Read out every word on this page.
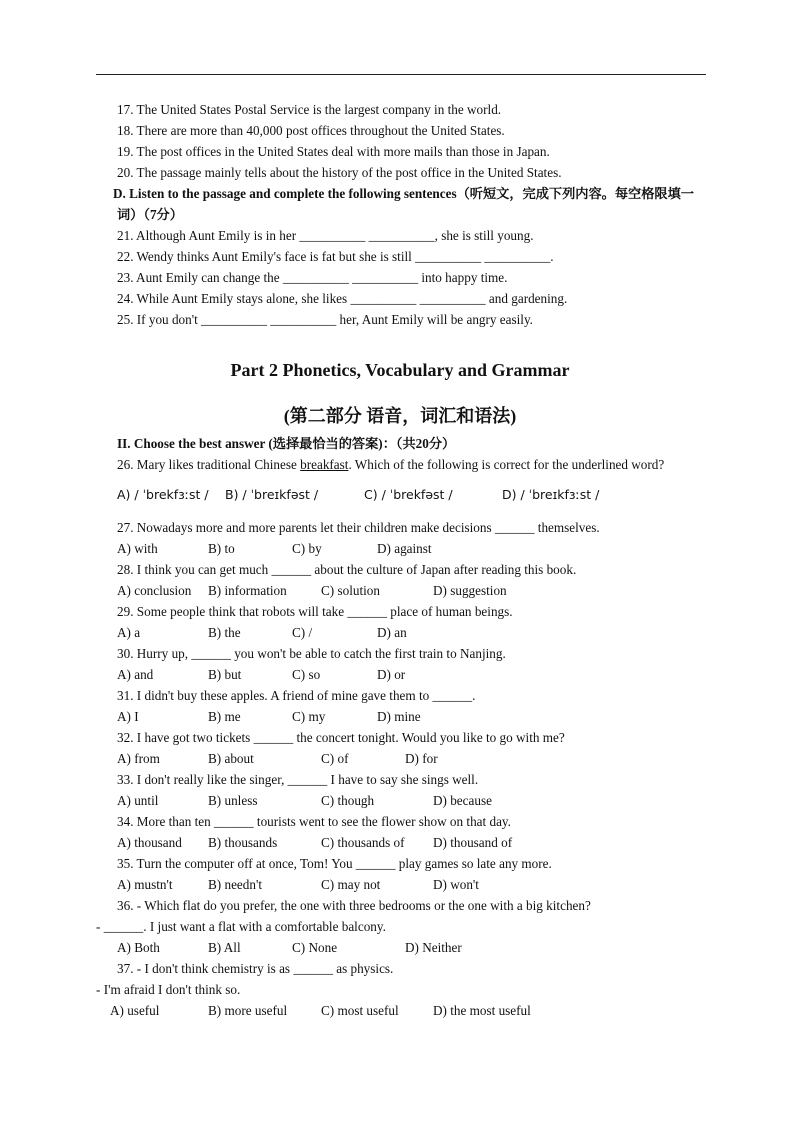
17. The United States Postal Service is the largest company in the world.
18. There are more than 40,000 post offices throughout the United States.
19. The post offices in the United States deal with more mails than those in Japan.
20. The passage mainly tells about the history of the post office in the United States.
D. Listen to the passage and complete the following sentences（听短文，完成下列内容。每空格限填一
词）（7分）
21. Although Aunt Emily is in her __________ __________, she is still young.
22. Wendy thinks Aunt Emily's face is fat but she is still __________ __________.
23. Aunt Emily can change the __________ __________ into happy time.
24. While Aunt Emily stays alone, she likes __________ __________ and gardening.
25. If you don't __________ __________ her, Aunt Emily will be angry easily.
Part 2 Phonetics, Vocabulary and Grammar
(第二部分 语音，词汇和语法)
II. Choose the best answer (选择最恰当的答案)：（共20分）
26. Mary likes traditional Chinese breakfast. Which of the following is correct for the underlined word?
A) / ˈbrekfɜːst / B) / ˈbreɪkfəst /	C) / ˈbrekfəst /	D) / ˈbreɪkfɜːst /
27. Nowadays more and more parents let their children make decisions ______ themselves.
A) with	B) to	C) by	D) against
28. I think you can get much ______ about the culture of Japan after reading this book.
A) conclusion B) information	C) solution	D) suggestion
29. Some people think that robots will take ______ place of human beings.
A) a	B) the	C) /	D) an
30. Hurry up, ______ you won't be able to catch the first train to Nanjing.
A) and	B) but	C) so	D) or
31. I didn't buy these apples. A friend of mine gave them to ______.
A) I	B) me	C) my	D) mine
32. I have got two tickets ______ the concert tonight. Would you like to go with me?
A) from	B) about	C) of	D) for
33. I don't really like the singer, ______ I have to say she sings well.
A) until	B) unless	C) though	D) because
34. More than ten ______ tourists went to see the flower show on that day.
A) thousand B) thousands	C) thousands of D) thousand of
35. Turn the computer off at once, Tom! You ______ play games so late any more.
A) mustn't	B) needn't	C) may not	D) won't
36. - Which flat do you prefer, the one with three bedrooms or the one with a big kitchen?
- ______. I just want a flat with a comfortable balcony.
A) Both	B) All	C) None	D) Neither
37. - I don't think chemistry is as ______ as physics.
- I'm afraid I don't think so.
A) useful	B) more useful	C) most useful	D) the most useful
